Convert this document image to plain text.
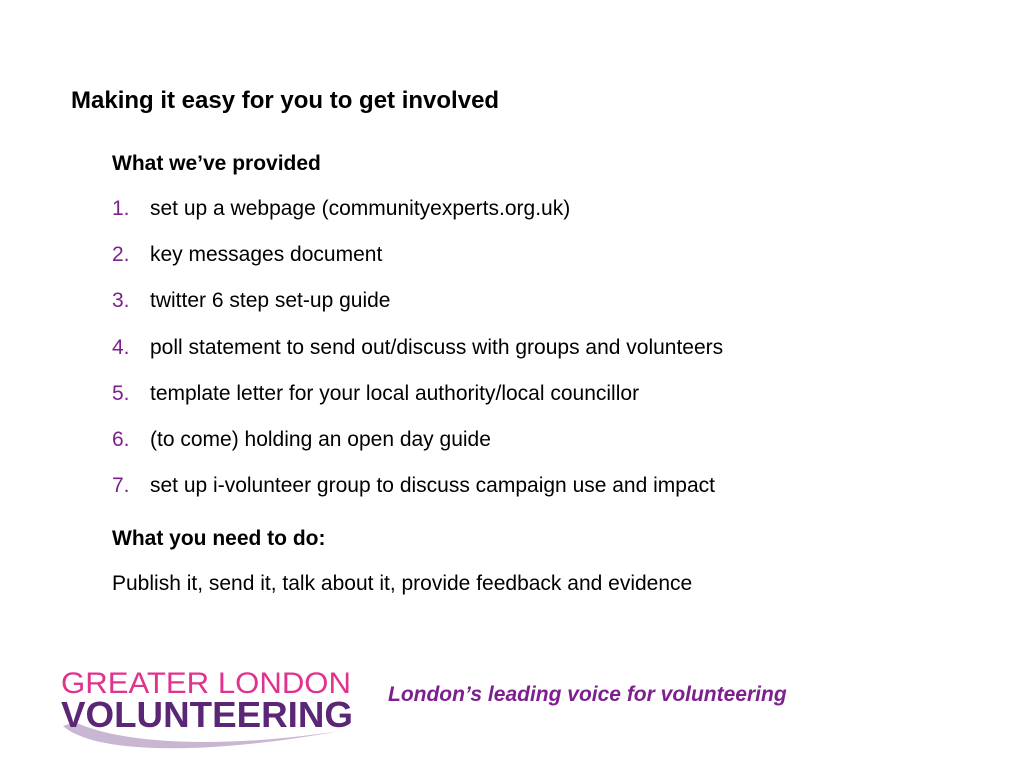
Making it easy for you to get involved
What we’ve provided
1. set up a webpage (communityexperts.org.uk)
2. key messages document
3. twitter 6 step set-up guide
4. poll statement to send out/discuss with groups and volunteers
5. template letter for your local authority/local councillor
6. (to come) holding an open day guide
7. set up i-volunteer group to discuss campaign use and impact
What you need to do:

Publish it, send it, talk about it, provide feedback and evidence

GREATER LONDON
VOLUNTEERING London’s leading voice for volunteering
